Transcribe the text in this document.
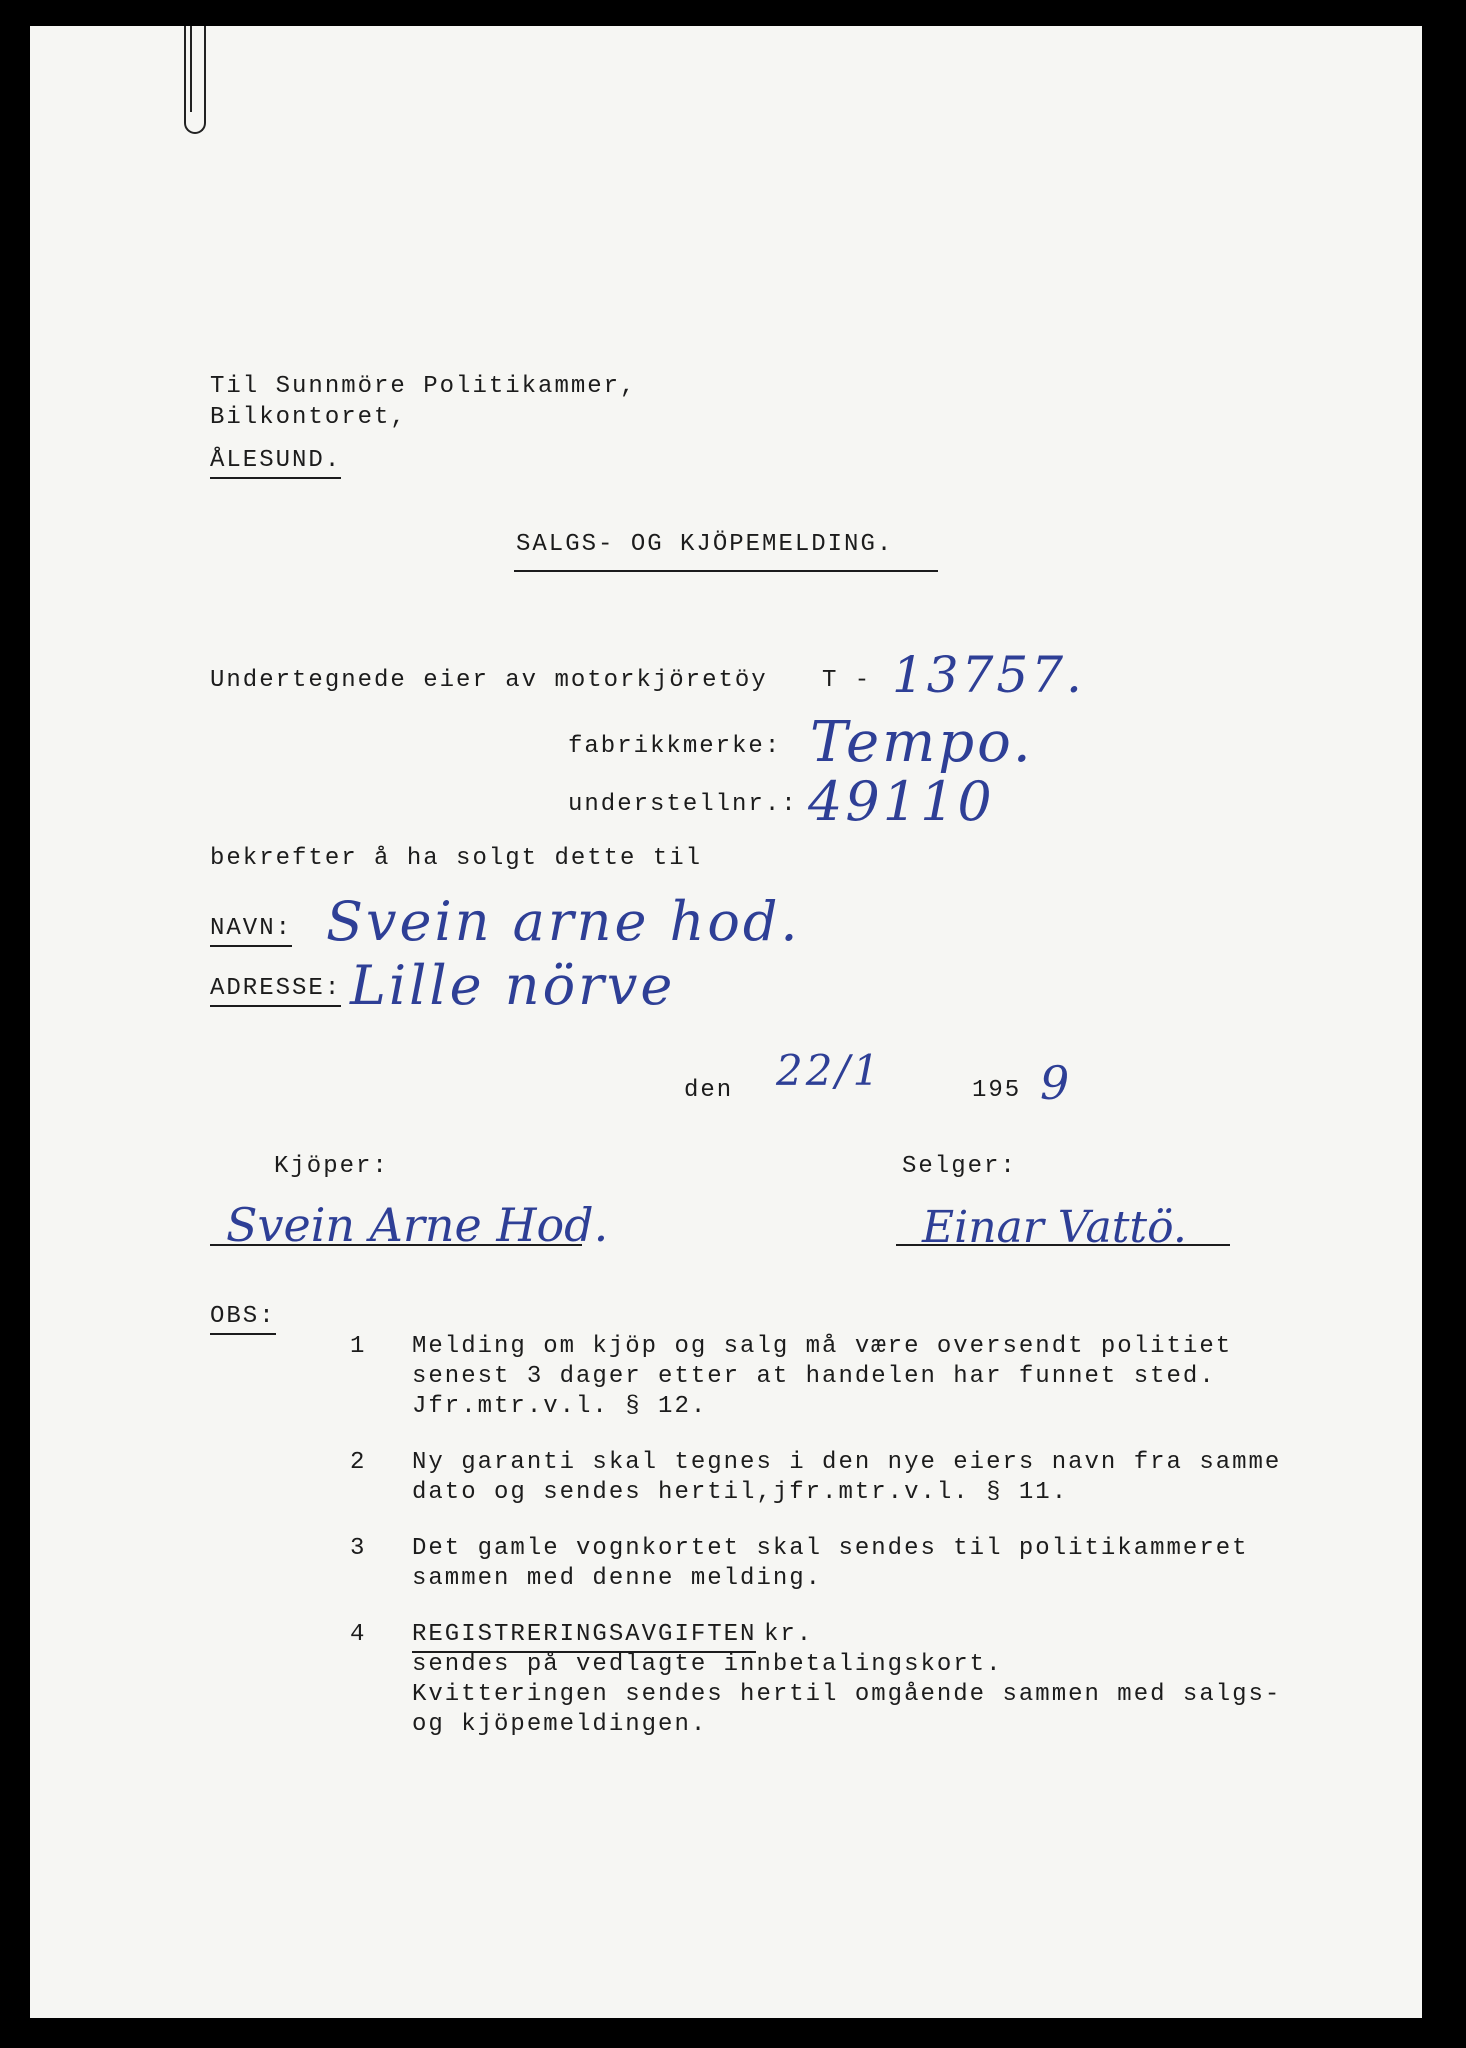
Til Sunnmöre Politikammer,
Bilkontoret,
ÅLESUND.
SALGS- OG KJÖPEMELDING.
Undertegnede eier av motorkjöretöy T - 13757.
fabrikkmerke: Tempo.
understellnr.: 49110
bekrefter å ha solgt dette til
NAVN: Svein arne hod.
ADRESSE: Lille nörve
den 22/1	195 9
Kjöper:	Selger:
Svein Arne Hod.	Einar Vattö.
OBS:
1 Melding om kjöp og salg må være oversendt politiet
senest 3 dager etter at handelen har funnet sted.
Jfr.mtr.v.l. § 12.
2 Ny garanti skal tegnes i den nye eiers navn fra samme
dato og sendes hertil,jfr.mtr.v.l. § 11.
3 Det gamle vognkortet skal sendes til politikammeret
sammen med denne melding.
4 REGISTRERINGSAVGIFTEN kr.
sendes på vedlagte innbetalingskort.
Kvitteringen sendes hertil omgående sammen med salgs-
og kjöpemeldingen.
